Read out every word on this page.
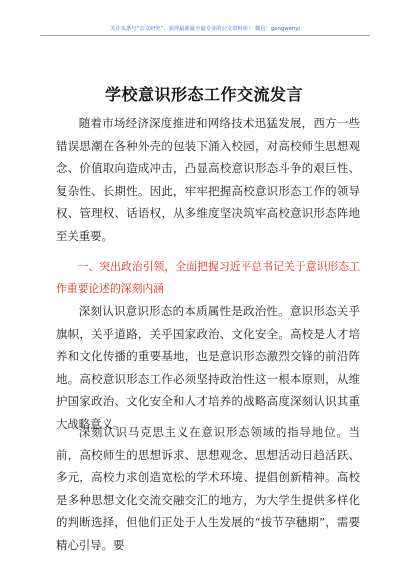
关注头条号“公文研究”，获得最新最全最专业的公文资料库！ 微信：gongwenyj
学校意识形态工作交流发言

随着市场经济深度推进和网络技术迅猛发展，西方一些错误思潮在各种外壳的包装下涌入校园，对高校师生思想观念、价值取向造成冲击，凸显高校意识形态斗争的艰巨性、复杂性、长期性。因此，牢牢把握高校意识形态工作的领导权、管理权、话语权，从多维度坚决筑牢高校意识形态阵地至关重要。

一、突出政治引领，全面把握习近平总书记关于意识形态工作重要论述的深刻内涵

深刻认识意识形态的本质属性是政治性。意识形态关乎旗帜，关乎道路，关乎国家政治、文化安全。高校是人才培养和文化传播的重要基地，也是意识形态激烈交锋的前沿阵地。高校意识形态工作必须坚持政治性这一根本原则，从维护国家政治、文化安全和人才培养的战略高度深刻认识其重大战略意义。

深刻认识马克思主义在意识形态领域的指导地位。当前，高校师生的思想诉求、思想观念、思想活动日趋活跃、多元，高校力求创造宽松的学术环境、提倡创新精神。高校是多种思想文化交流交融交汇的地方，为大学生提供多样化的判断选择，但他们正处于人生发展的“拔节孕穗期”，需要精心引导。要
